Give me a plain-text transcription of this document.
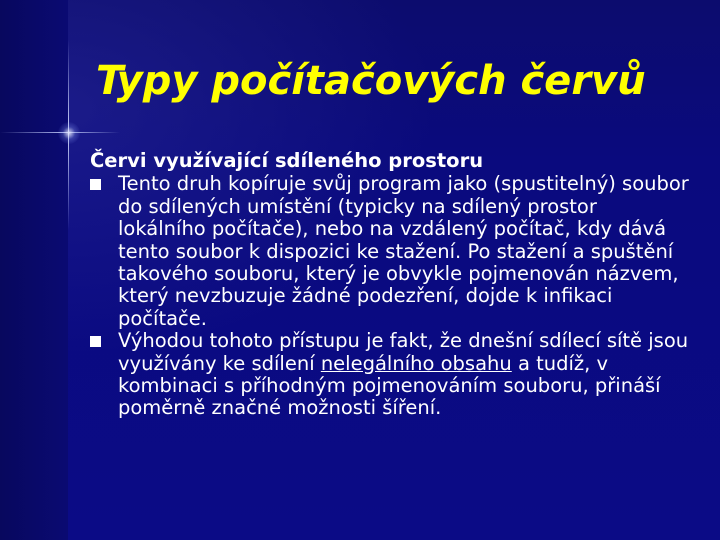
Typy počítačových červů
Červi využívající sdíleného prostoru
Tento druh kopíruje svůj program jako (spustitelný) soubor do sdílených umístění (typicky na sdílený prostor lokálního počítače), nebo na vzdálený počítač, kdy dává tento soubor k dispozici ke stažení. Po stažení a spuštění takového souboru, který je obvykle pojmenován názvem, který nevzbuzuje žádné podezření, dojde k infikaci počítače.
Výhodou tohoto přístupu je fakt, že dnešní sdílecí sítě jsou využívány ke sdílení nelegálního obsahu a tudíž, v kombinaci s příhodným pojmenováním souboru, přináší poměrně značné možnosti šíření.
